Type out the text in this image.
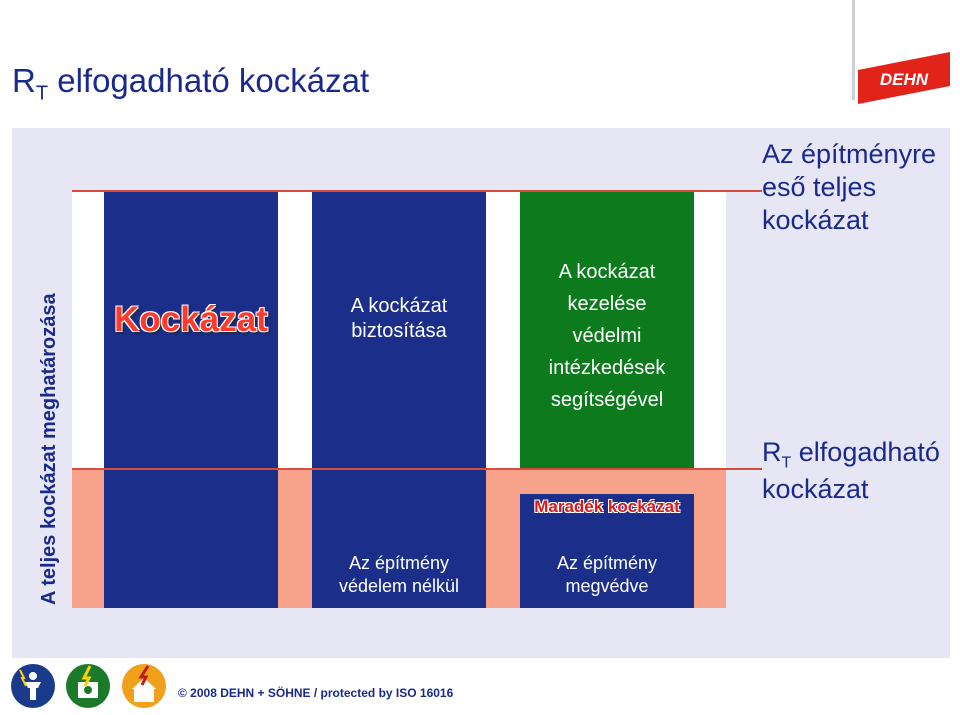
$R_T$ elfogadható kockázat	DEHN
A teljes kockázat meghatározása Kockázat	A kockázat
biztosítása
A kockázat
kezelése
védelmi
intézkedések
segítségével
Maradék kockázat
Az építmény
védelem nélkül
Az építmény
megvédve
Az építményre
eső teljes
kockázat
$R_T$ elfogadható
kockázat
© 2008 DEHN + SÖHNE / protected by ISO 16016
